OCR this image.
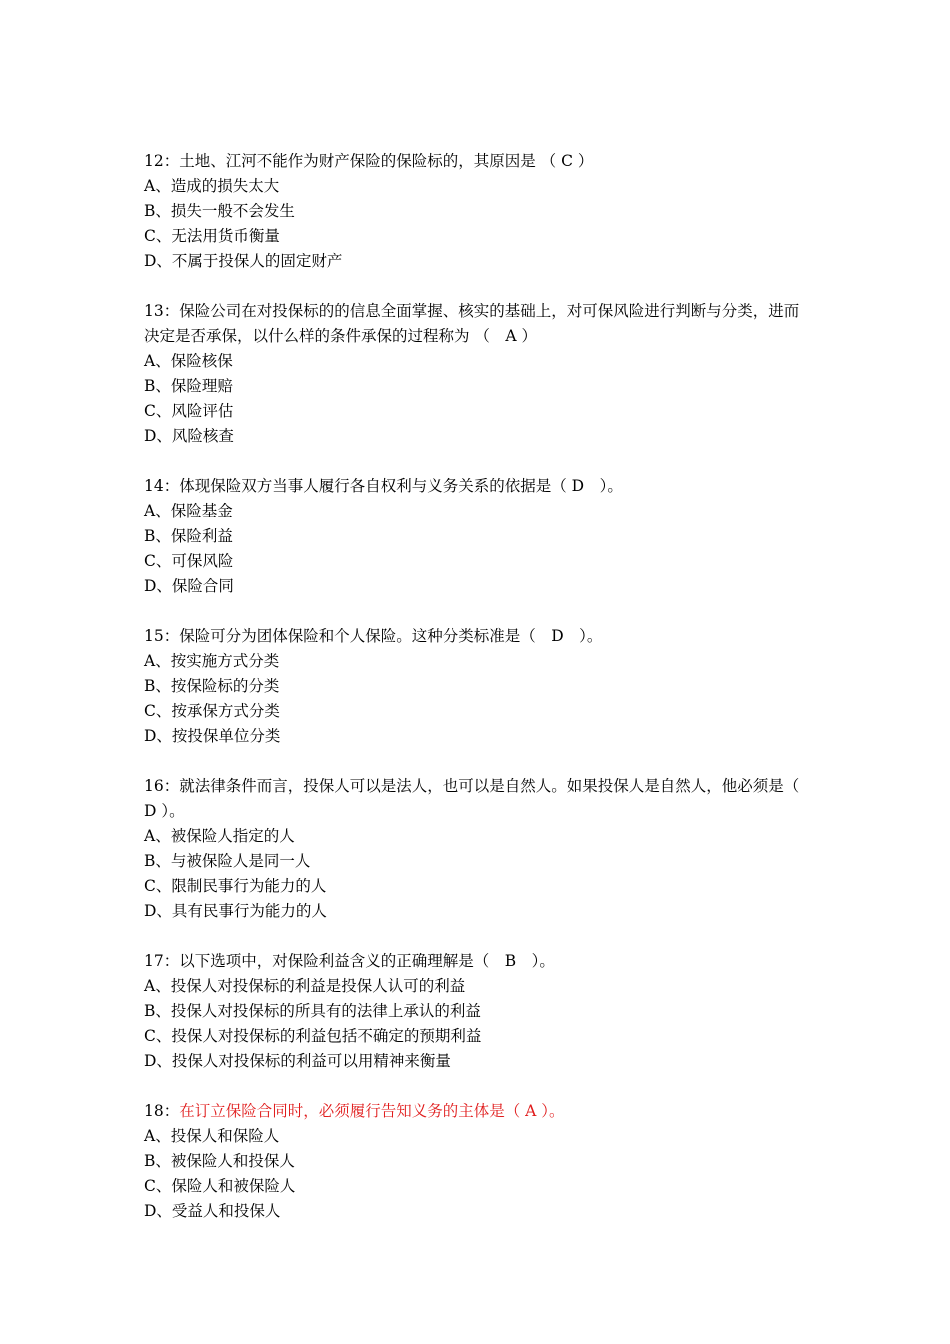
12：土地、江河不能作为财产保险的保险标的，其原因是 （ C ）
A、造成的损失太大
B、损失一般不会发生
C、无法用货币衡量
D、不属于投保人的固定财产
13：保险公司在对投保标的的信息全面掌握、核实的基础上，对可保风险进行判断与分类，进而决定是否承保，以什么样的条件承保的过程称为 （　A ）
A、保险核保
B、保险理赔
C、风险评估
D、风险核查
14：体现保险双方当事人履行各自权利与义务关系的依据是（ D　）。
A、保险基金
B、保险利益
C、可保风险
D、保险合同
15：保险可分为团体保险和个人保险。这种分类标准是（　D　）。
A、按实施方式分类
B、按保险标的分类
C、按承保方式分类
D、按投保单位分类
16：就法律条件而言，投保人可以是法人，也可以是自然人。如果投保人是自然人，他必须是（ D ）。
A、被保险人指定的人
B、与被保险人是同一人
C、限制民事行为能力的人
D、具有民事行为能力的人
17：以下选项中，对保险利益含义的正确理解是（　B　）。
A、投保人对投保标的利益是投保人认可的利益
B、投保人对投保标的所具有的法律上承认的利益
C、投保人对投保标的利益包括不确定的预期利益
D、投保人对投保标的利益可以用精神来衡量
18：在订立保险合同时，必须履行告知义务的主体是（ A ）。
A、投保人和保险人
B、被保险人和投保人
C、保险人和被保险人
D、受益人和投保人
